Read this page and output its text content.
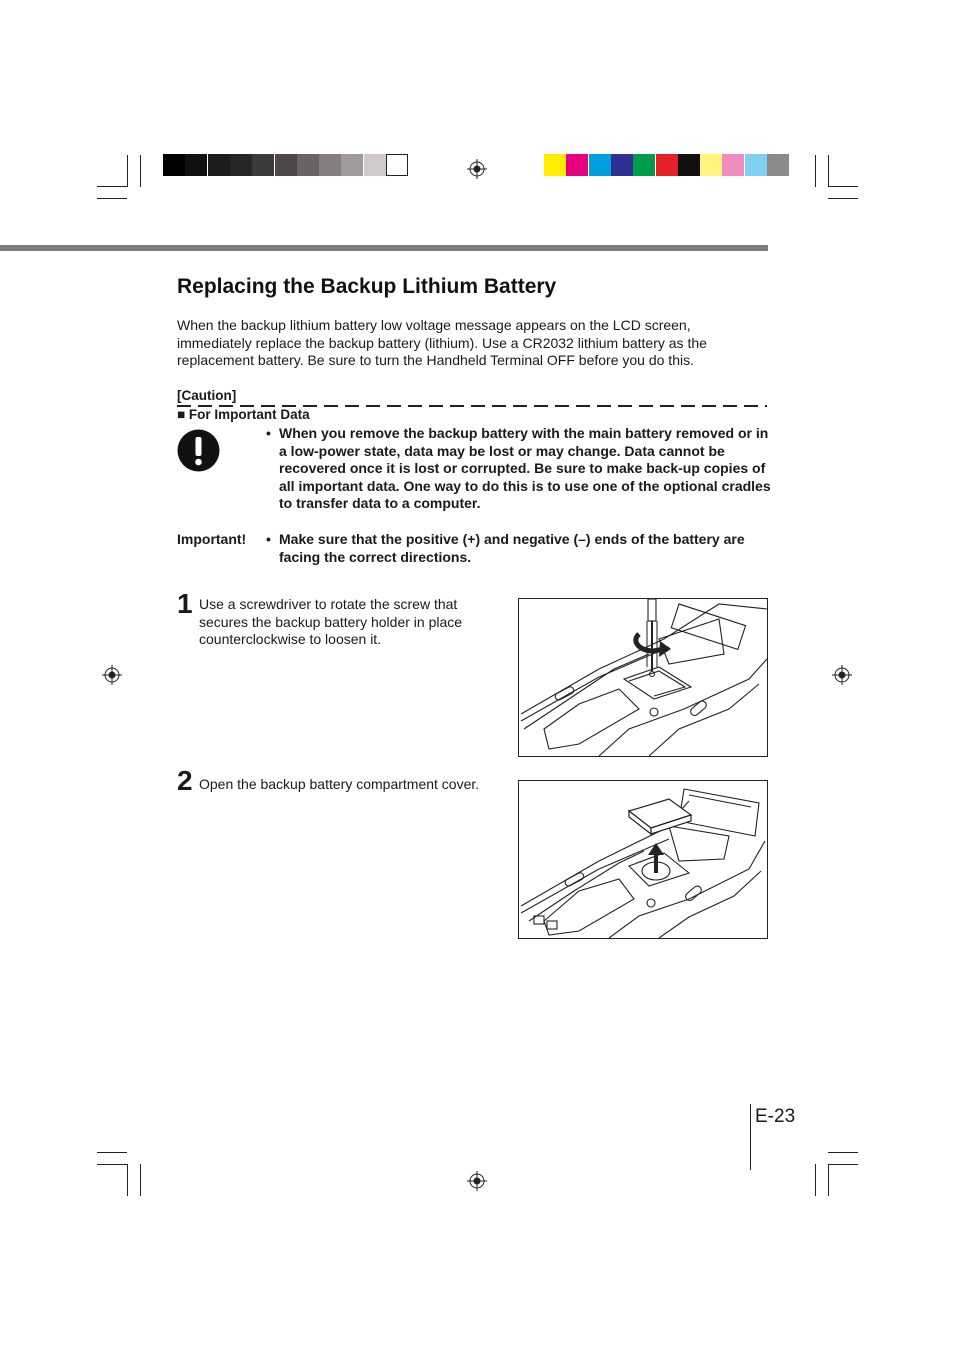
Replacing the Backup Lithium Battery
When the backup lithium battery low voltage message appears on the LCD screen, immediately replace the backup battery (lithium). Use a CR2032 lithium battery as the replacement battery. Be sure to turn the Handheld Terminal OFF before you do this.
[Caution]
■ For Important Data
• When you remove the backup battery with the main battery removed or in a low-power state, data may be lost or may change. Data cannot be recovered once it is lost or corrupted. Be sure to make back-up copies of all important data. One way to do this is to use one of the optional cradles to transfer data to a computer.
Important! • Make sure that the positive (+) and negative (–) ends of the battery are facing the correct directions.
1 Use a screwdriver to rotate the screw that secures the backup battery holder in place counterclockwise to loosen it.
2 Open the backup battery compartment cover.
E-23
